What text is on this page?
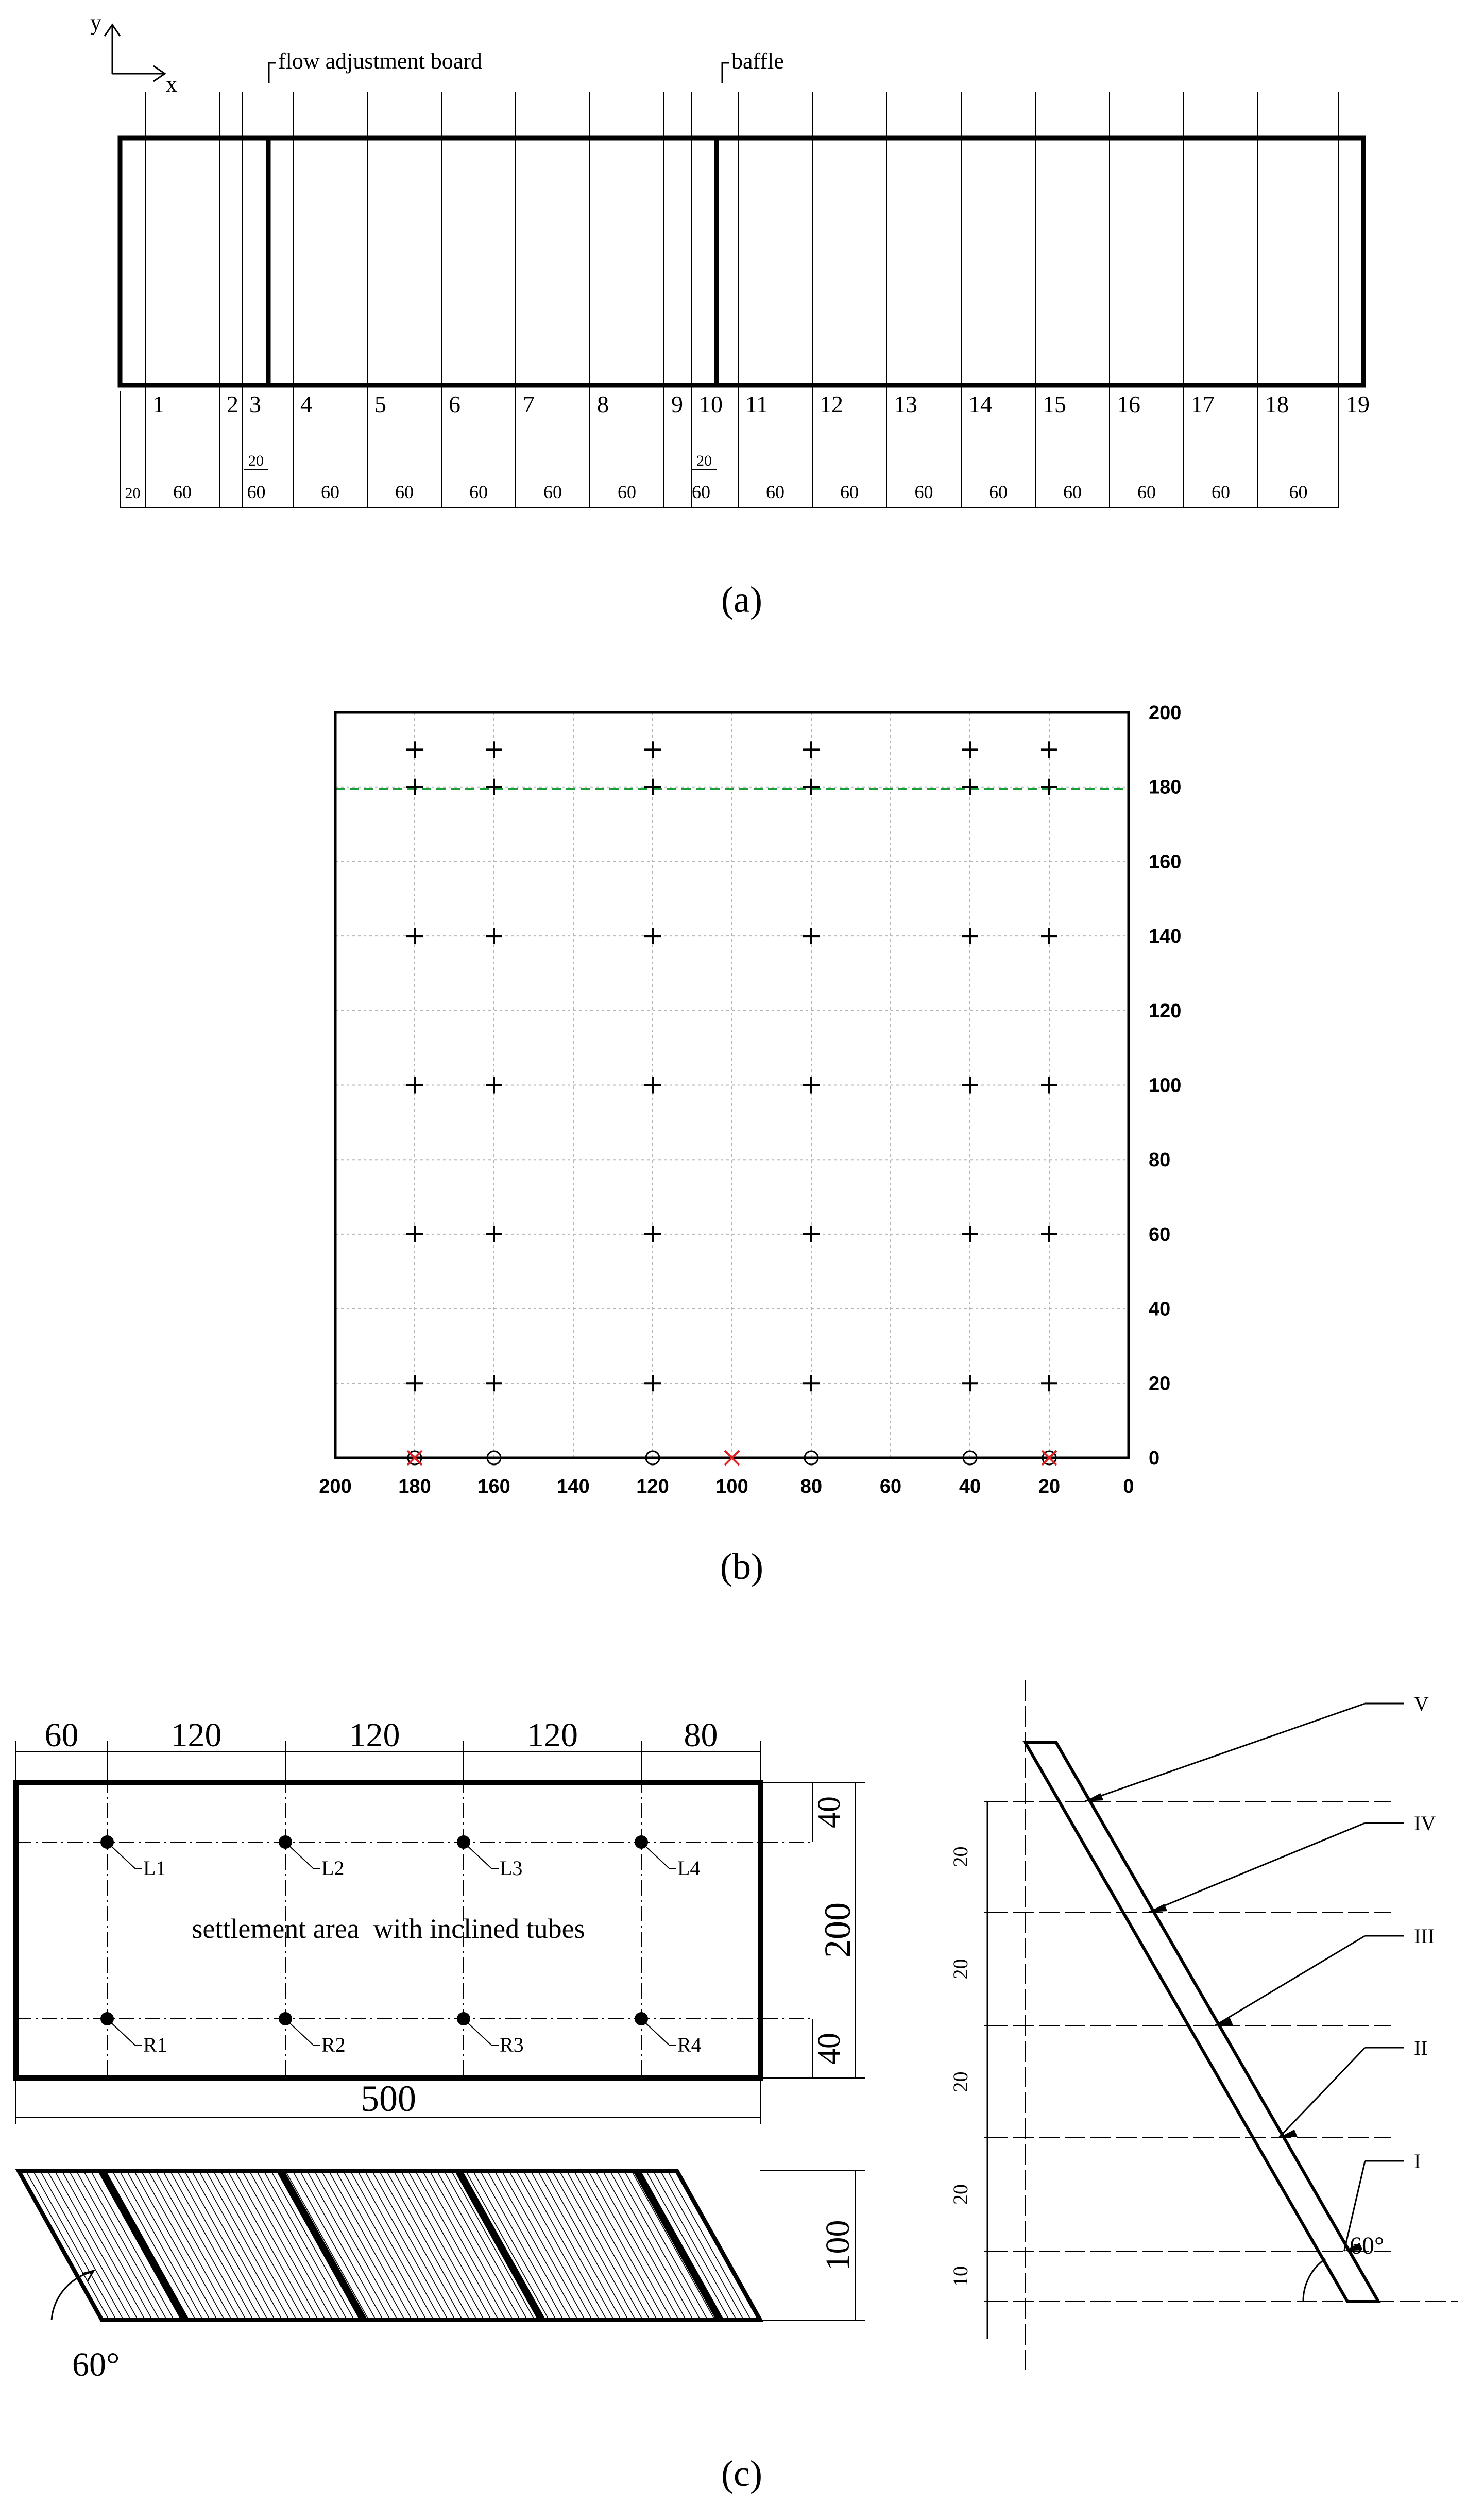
y
x
flow adjustment board	baffle
20	20
20 60	60	60	60	60	60	60	60	60	60	60	60	60	60	60	60
1	2 3 4	5	6	7	8	9 10 11 12 13 14 15 16 17 18 19
(a)
200 180 160 140 120 100	80	60	40	20	0
0
20
40
60
80
100
120
140
160
180
200
(b)
60	120	120	120	80
40
200
40
settlement area  with inclined tubes
L1	L2	L3	L4
R1	R2	R3	R4
500
100
60°
V
IV
III
II
I
60°
20
20
20
20
10
(c)
